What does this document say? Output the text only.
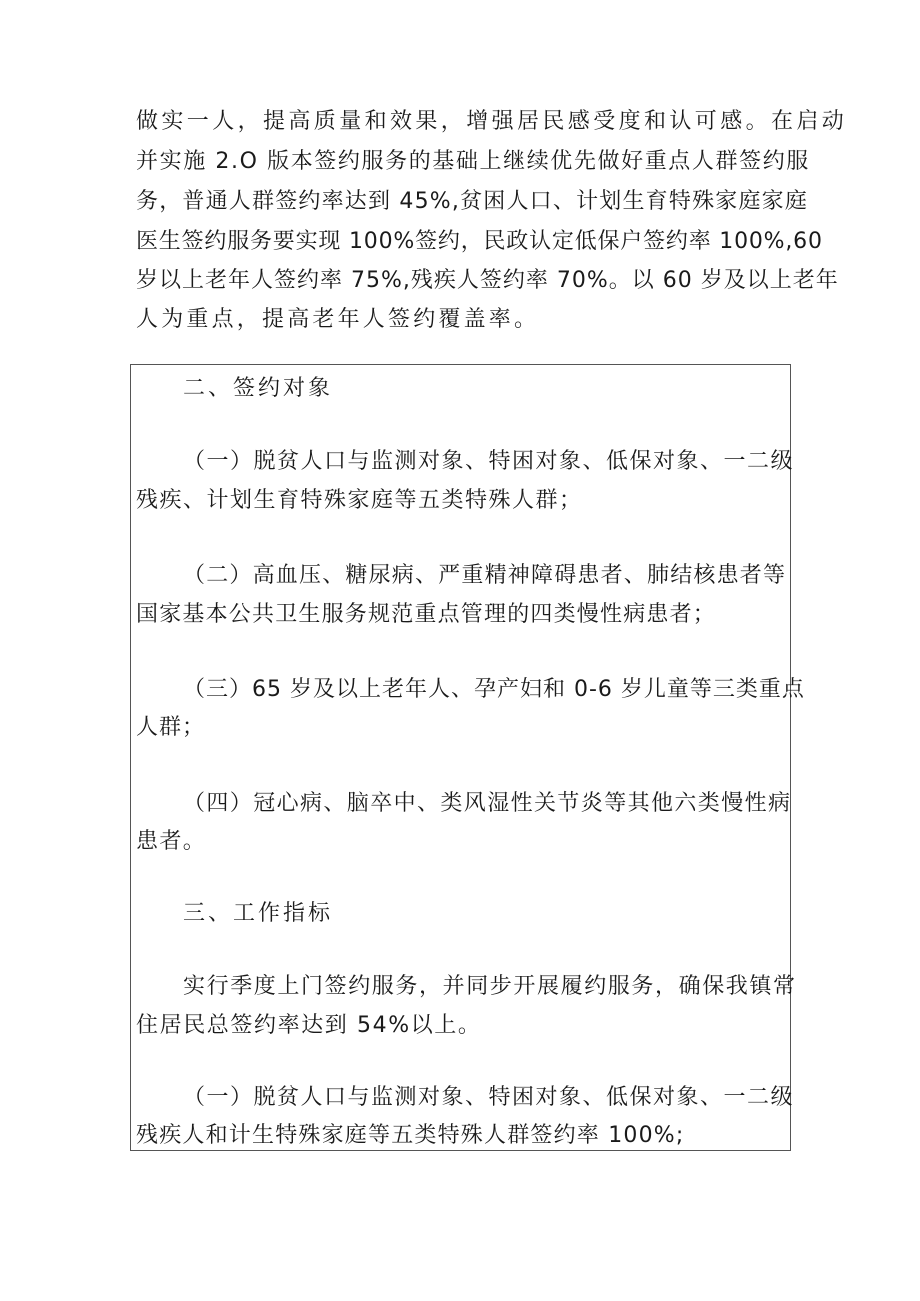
做实一人，提高质量和效果，增强居民感受度和认可感。在启动
并实施 2.O 版本签约服务的基础上继续优先做好重点人群签约服
务，普通人群签约率达到 45%,贫困人口、计划生育特殊家庭家庭
医生签约服务要实现 100%签约，民政认定低保户签约率 100%,60
岁以上老年人签约率 75%,残疾人签约率 70%。以 60 岁及以上老年
人为重点，提高老年人签约覆盖率。
二、签约对象
（一）脱贫人口与监测对象、特困对象、低保对象、一二级
残疾、计划生育特殊家庭等五类特殊人群；
（二）高血压、糖尿病、严重精神障碍患者、肺结核患者等
国家基本公共卫生服务规范重点管理的四类慢性病患者；
（三）65 岁及以上老年人、孕产妇和 0-6 岁儿童等三类重点
人群；
（四）冠心病、脑卒中、类风湿性关节炎等其他六类慢性病
患者。
三、工作指标
实行季度上门签约服务，并同步开展履约服务，确保我镇常
住居民总签约率达到 54%以上。
（一）脱贫人口与监测对象、特困对象、低保对象、一二级
残疾人和计生特殊家庭等五类特殊人群签约率 100%;
